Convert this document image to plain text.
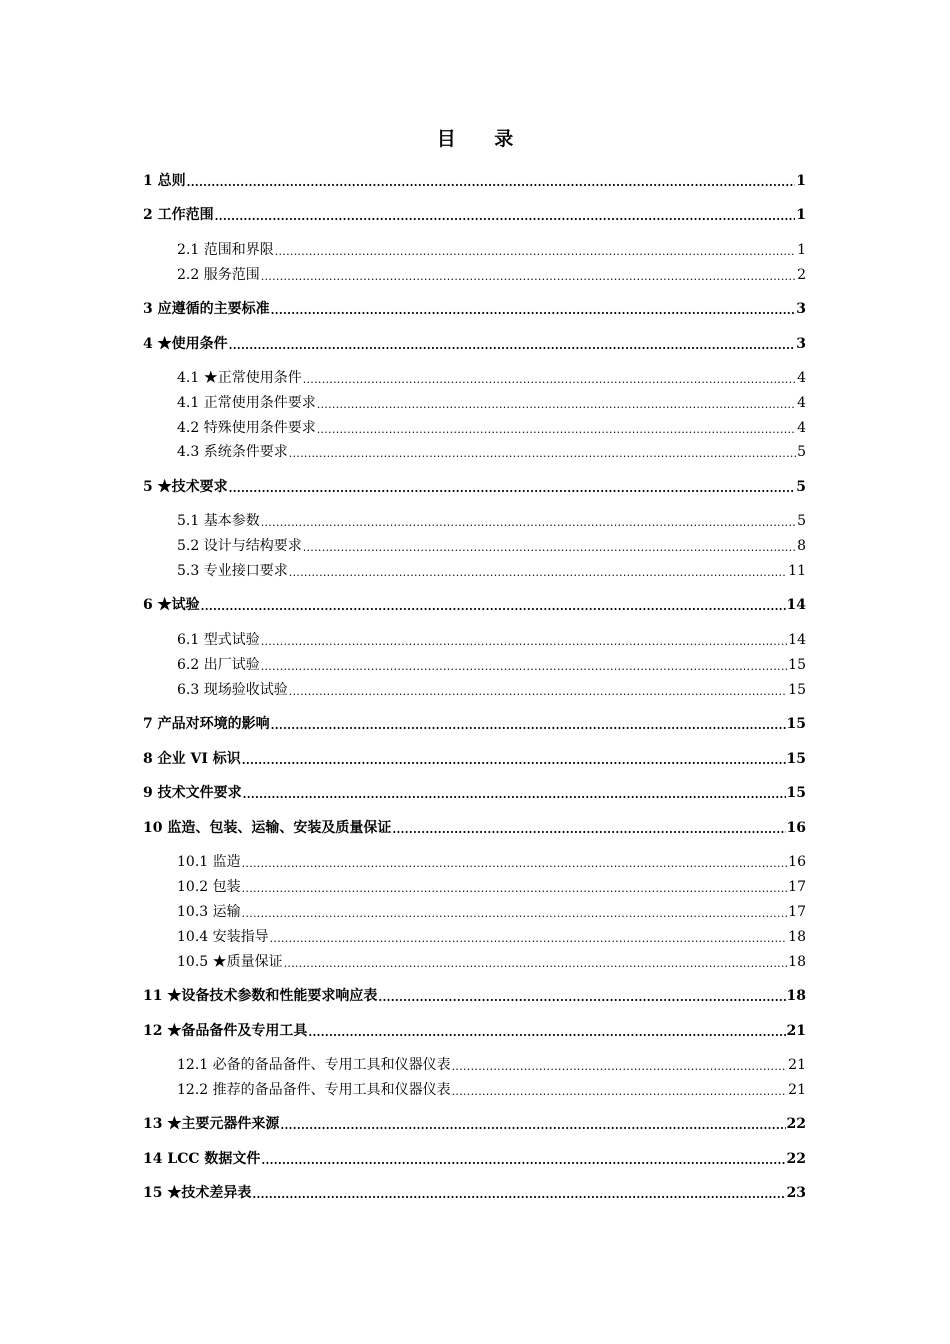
目 录
1 总则 .....	1
2 工作范围 .....	1
2.1 范围和界限 .....	1
2.2 服务范围 .....	2
3 应遵循的主要标准 .....	3
4 ★使用条件 .....	3
4.1 ★正常使用条件 .....	4
4.1 正常使用条件要求 .....	4
4.2 特殊使用条件要求 .....	4
4.3 系统条件要求 .....	5
5 ★技术要求 .....	5
5.1 基本参数 .....	5
5.2 设计与结构要求 .....	8
5.3 专业接口要求 .....	11
6 ★试验 .....	14
6.1 型式试验 .....	14
6.2 出厂试验 .....	15
6.3 现场验收试验 .....	15
7 产品对环境的影响 .....	15
8 企业 VI 标识 .....	15
9 技术文件要求 .....	15
10 监造、包装、运输、安装及质量保证 .....	16
10.1 监造 .....	16
10.2 包装 .....	17
10.3 运输 .....	17
10.4 安装指导 .....	18
10.5 ★质量保证 .....	18
11 ★设备技术参数和性能要求响应表 .....	18
12 ★备品备件及专用工具 .....	21
12.1 必备的备品备件、专用工具和仪器仪表 .....	21
12.2 推荐的备品备件、专用工具和仪器仪表 .....	21
13 ★主要元器件来源 .....	22
14 LCC 数据文件 .....	22
15 ★技术差异表 .....	23
